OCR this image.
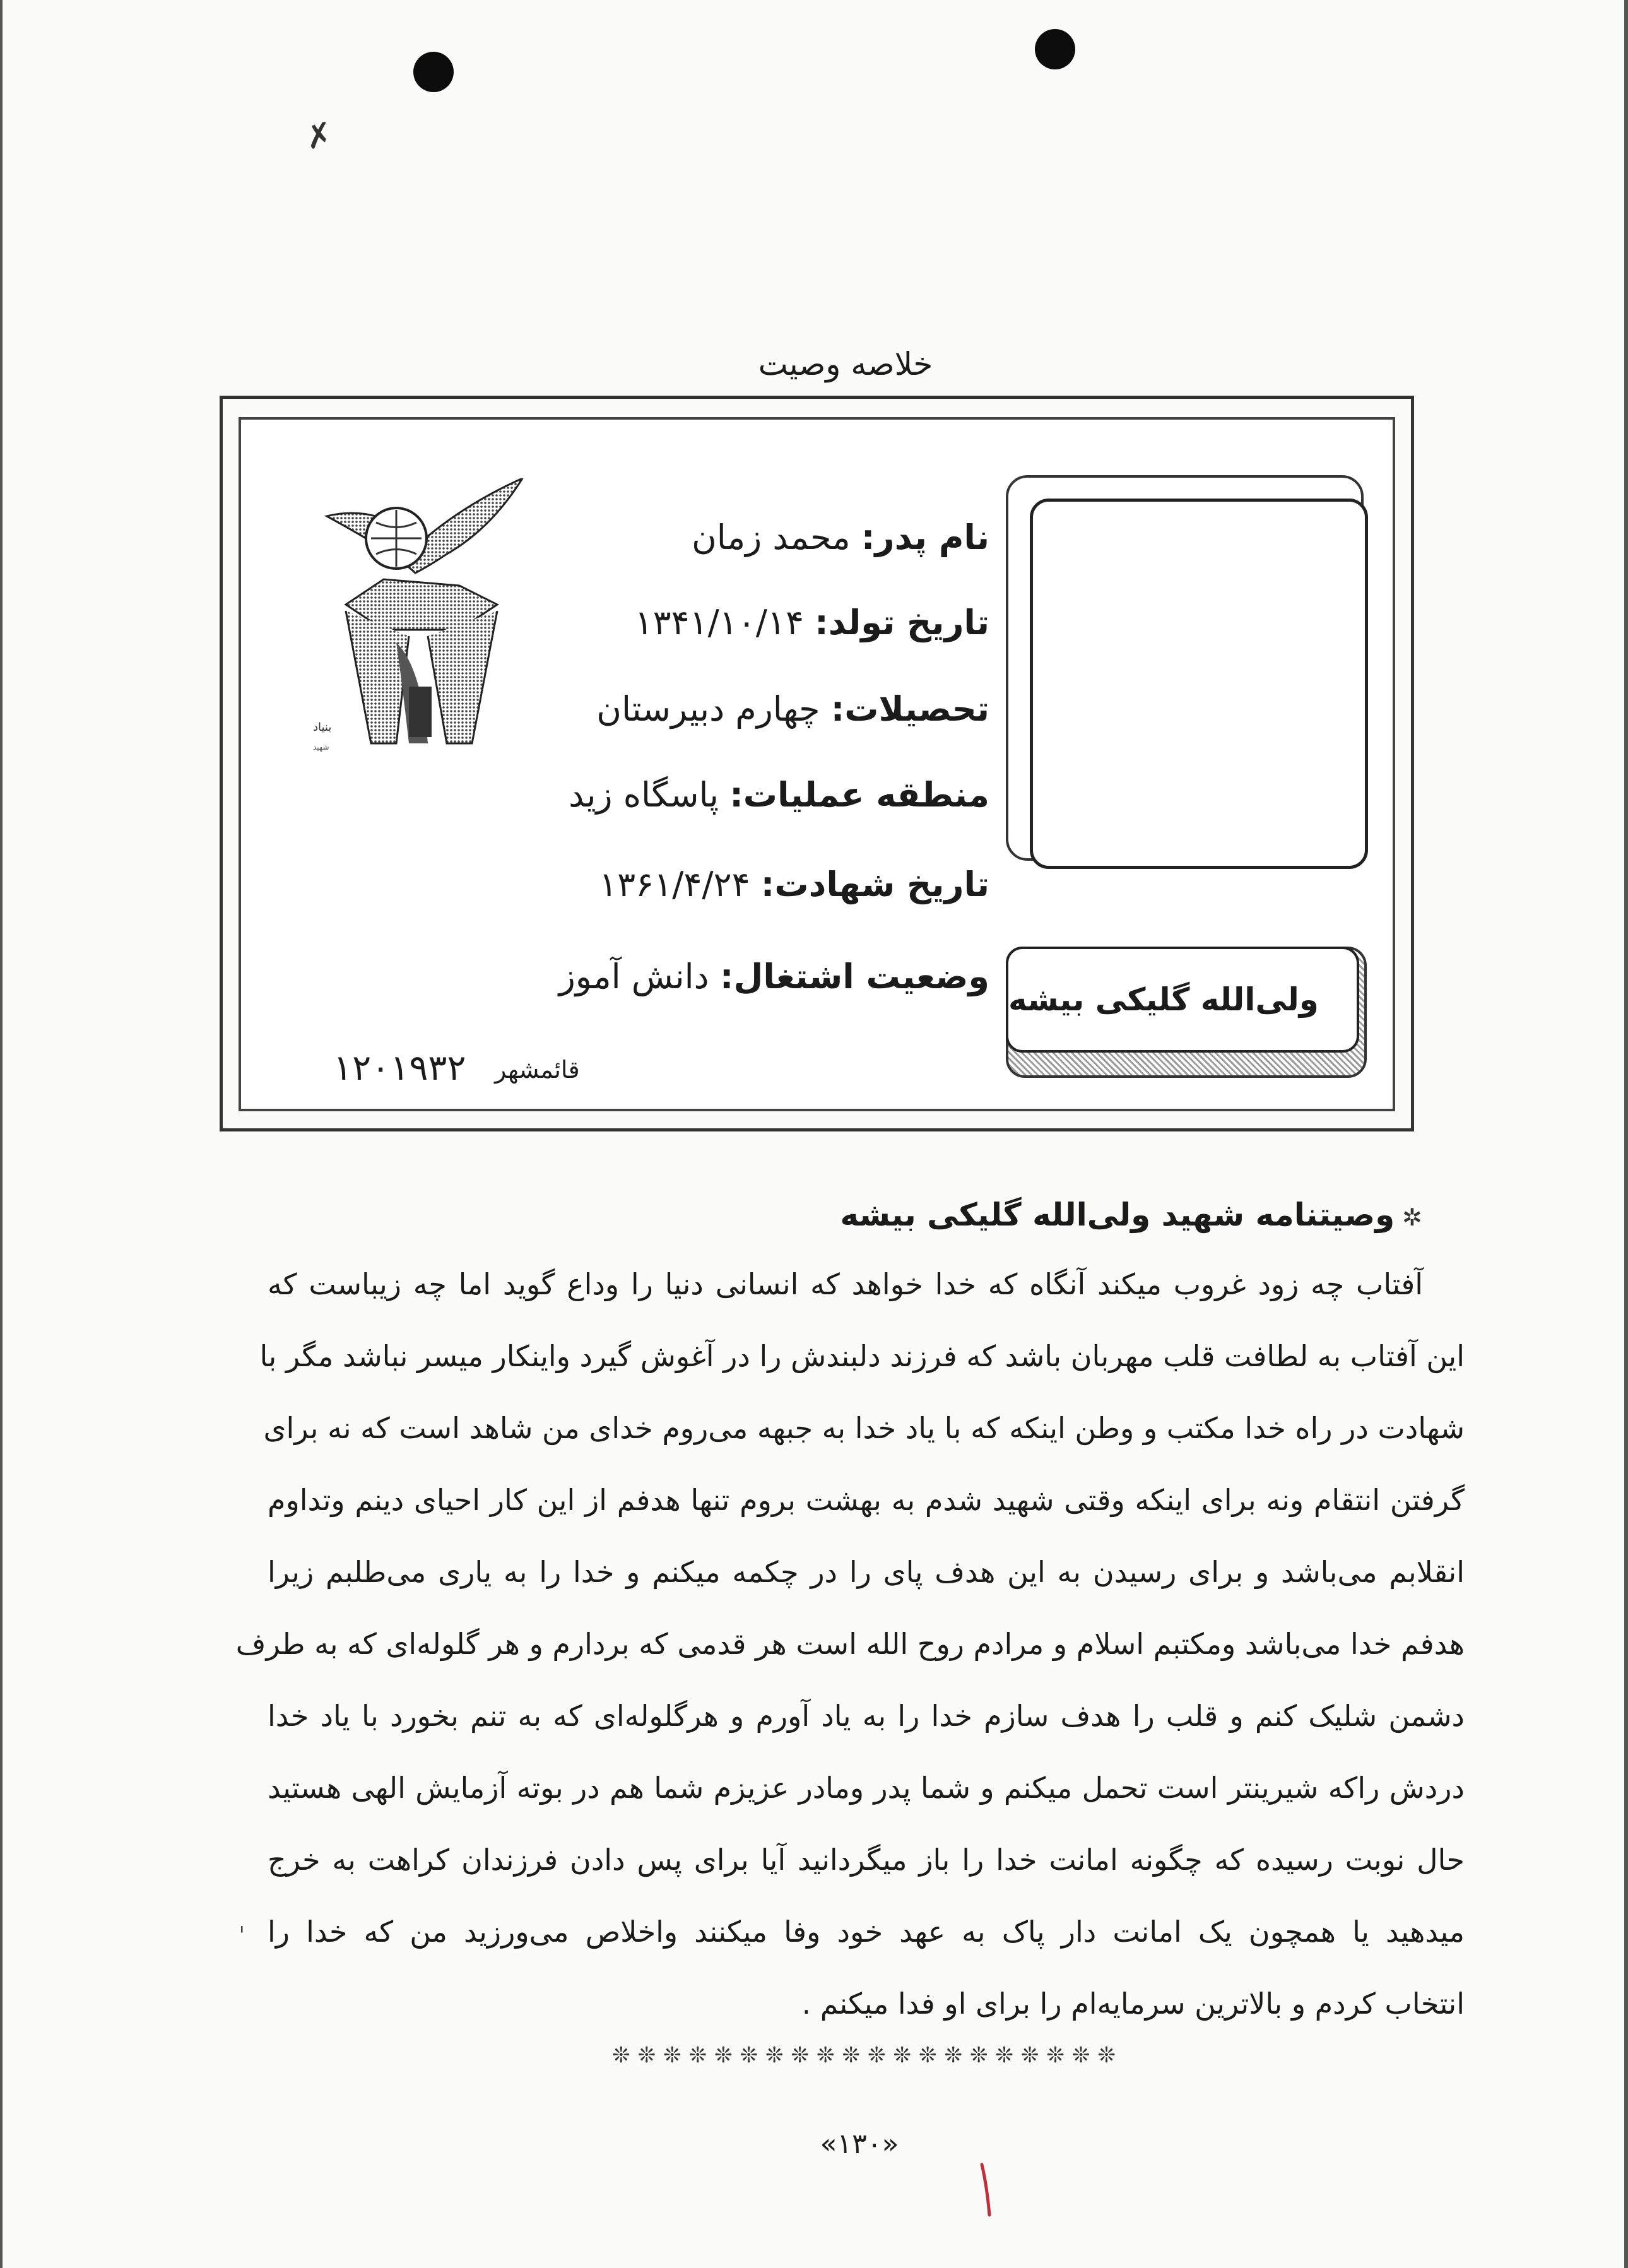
✗
خلاصه وصیت
ولی‌الله گلیکی بیشه
نام پدر: محمد زمان
تاریخ تولد: ۱۳۴۱/۱۰/۱۴
تحصیلات: چهارم دبیرستان
منطقه عملیات: پاسگاه زید
تاریخ شهادت: ۱۳۶۱/۴/۲۴
وضعیت اشتغال: دانش آموز
بنیاد
شهید
قائمشهر
۱۲۰۱۹۳۲
✲وصیتنامه شهید ولی‌الله گلیکی بیشه
آفتاب چه زود غروب میکند آنگاه که خدا خواهد که انسانی دنیا را وداع گوید اما چه زیباست که
این آفتاب به لطافت قلب مهربان باشد که فرزند دلبندش را در آغوش گیرد واینکار میسر نباشد مگر با
شهادت در راه خدا مکتب و وطن اینکه که با یاد خدا به جبهه می‌روم خدای من شاهد است که نه برای
گرفتن انتقام ونه برای اینکه وقتی شهید شدم به بهشت بروم تنها هدفم از این کار احیای دینم وتداوم
انقلابم می‌باشد و برای رسیدن به این هدف پای را در چکمه میکنم و خدا را به یاری می‌طلبم زیرا
هدفم خدا می‌باشد ومکتبم اسلام و مرادم روح الله است هر قدمی که بردارم و هر گلوله‌ای که به طرف
دشمن شلیک کنم و قلب را هدف سازم خدا را به یاد آورم و هرگلوله‌ای که به تنم بخورد با یاد خدا
دردش راکه شیرینتر است تحمل میکنم و شما پدر ومادر عزیزم شما هم در بوته آزمایش الهی هستید
حال نوبت رسیده که چگونه امانت خدا را باز میگردانید آیا برای پس دادن فرزندان کراهت به خرج
میدهید یا همچون یک امانت دار پاک به عهد خود وفا میکنند واخلاص می‌ورزید من که خدا را
انتخاب کردم و بالاترین سرمایه‌ام را برای او فدا میکنم .
ˌ
❊❊❊❊❊❊❊❊❊❊❊❊❊❊❊❊❊❊❊❊
«۱۳۰»
